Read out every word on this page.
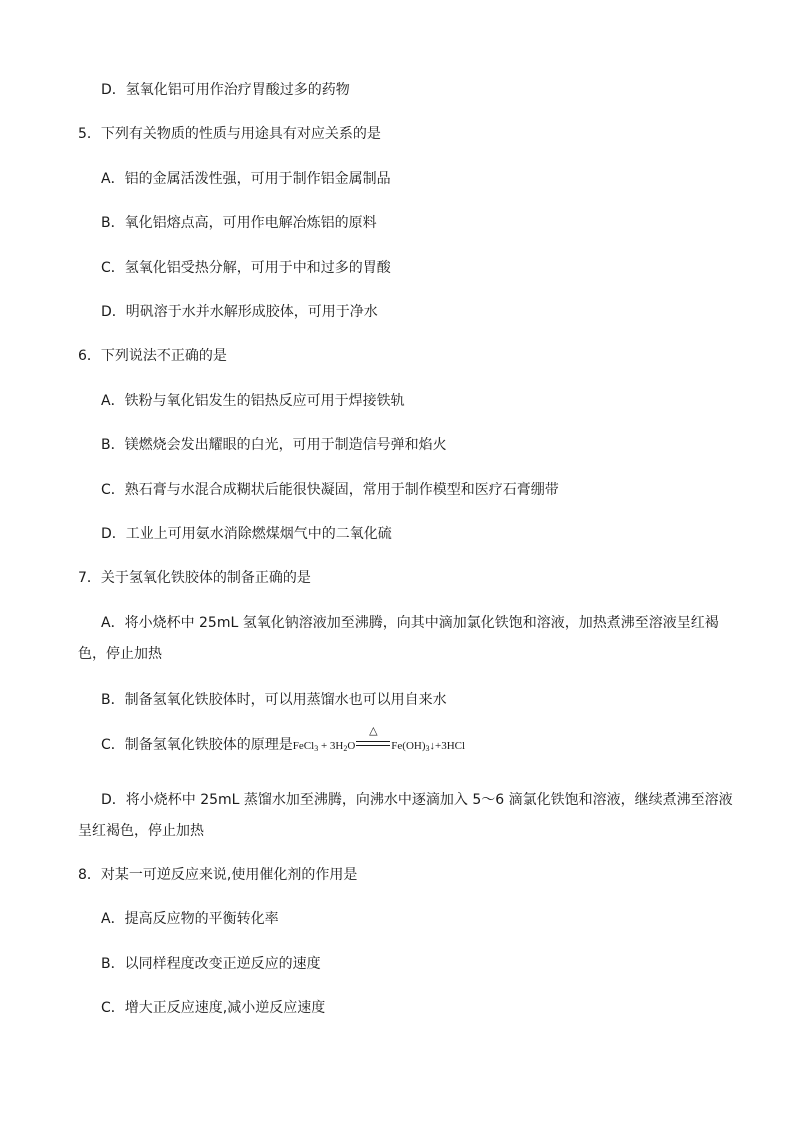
D．氢氧化铝可用作治疗胃酸过多的药物
5．下列有关物质的性质与用途具有对应关系的是
A．铝的金属活泼性强，可用于制作铝金属制品
B．氧化铝熔点高，可用作电解冶炼铝的原料
C．氢氧化铝受热分解，可用于中和过多的胃酸
D．明矾溶于水并水解形成胶体，可用于净水
6．下列说法不正确的是
A．铁粉与氧化铝发生的铝热反应可用于焊接铁轨
B．镁燃烧会发出耀眼的白光，可用于制造信号弹和焰火
C．熟石膏与水混合成糊状后能很快凝固，常用于制作模型和医疗石膏绷带
D．工业上可用氨水消除燃煤烟气中的二氧化硫
7．关于氢氧化铁胶体的制备正确的是
A．将小烧杯中 25mL 氢氧化钠溶液加至沸腾，向其中滴加氯化铁饱和溶液，加热煮沸至溶液呈红褐
色，停止加热
B．制备氢氧化铁胶体时，可以用蒸馏水也可以用自来水
C．制备氢氧化铁胶体的原理是FeCl$_3$ + $3H_2O$
△
$Fe(OH)_3↓+3HCl$
D．将小烧杯中 25mL 蒸馏水加至沸腾，向沸水中逐滴加入 5～6 滴氯化铁饱和溶液，继续煮沸至溶液
呈红褐色，停止加热
8．对某一可逆反应来说,使用催化剂的作用是
A．提高反应物的平衡转化率
B．以同样程度改变正逆反应的速度
C．增大正反应速度,减小逆反应速度
